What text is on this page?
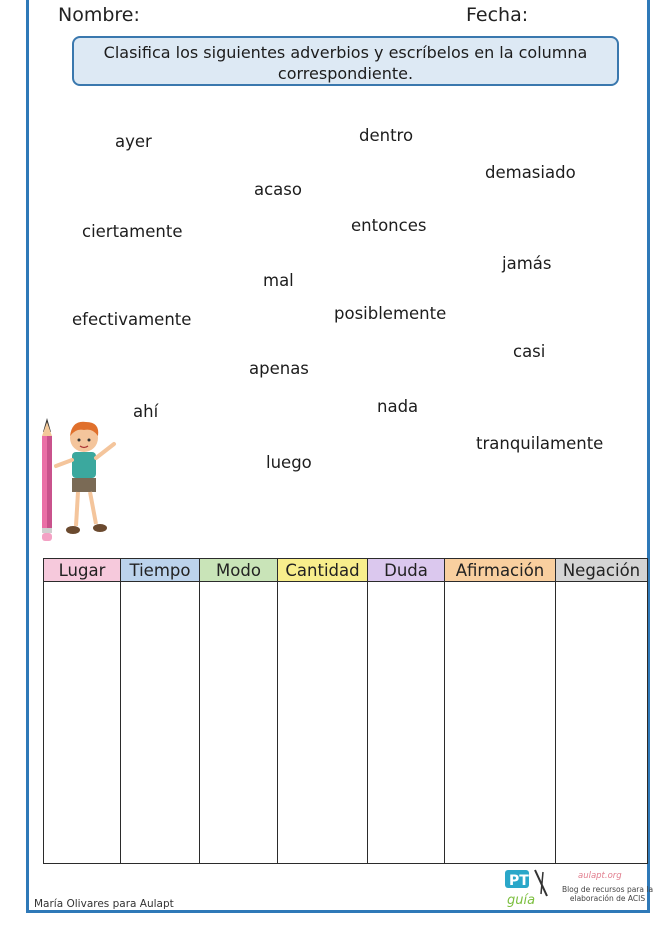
Nombre:	Fecha:
Clasifica los siguientes adverbios y escríbelos en la columna correspondiente.
ayer	dentro
demasiado
acaso
ciertamente	entonces
jamás
mal
efectivamente	posiblemente
casi
apenas
ahí	nada
tranquilamente
luego
Lugar	Tiempo	Modo	Cantidad	Duda	Afirmación	Negación

María Olivares para Aulapt
PT
guía
aulapt.org
Blog de recursos para la
elaboración de ACIS
